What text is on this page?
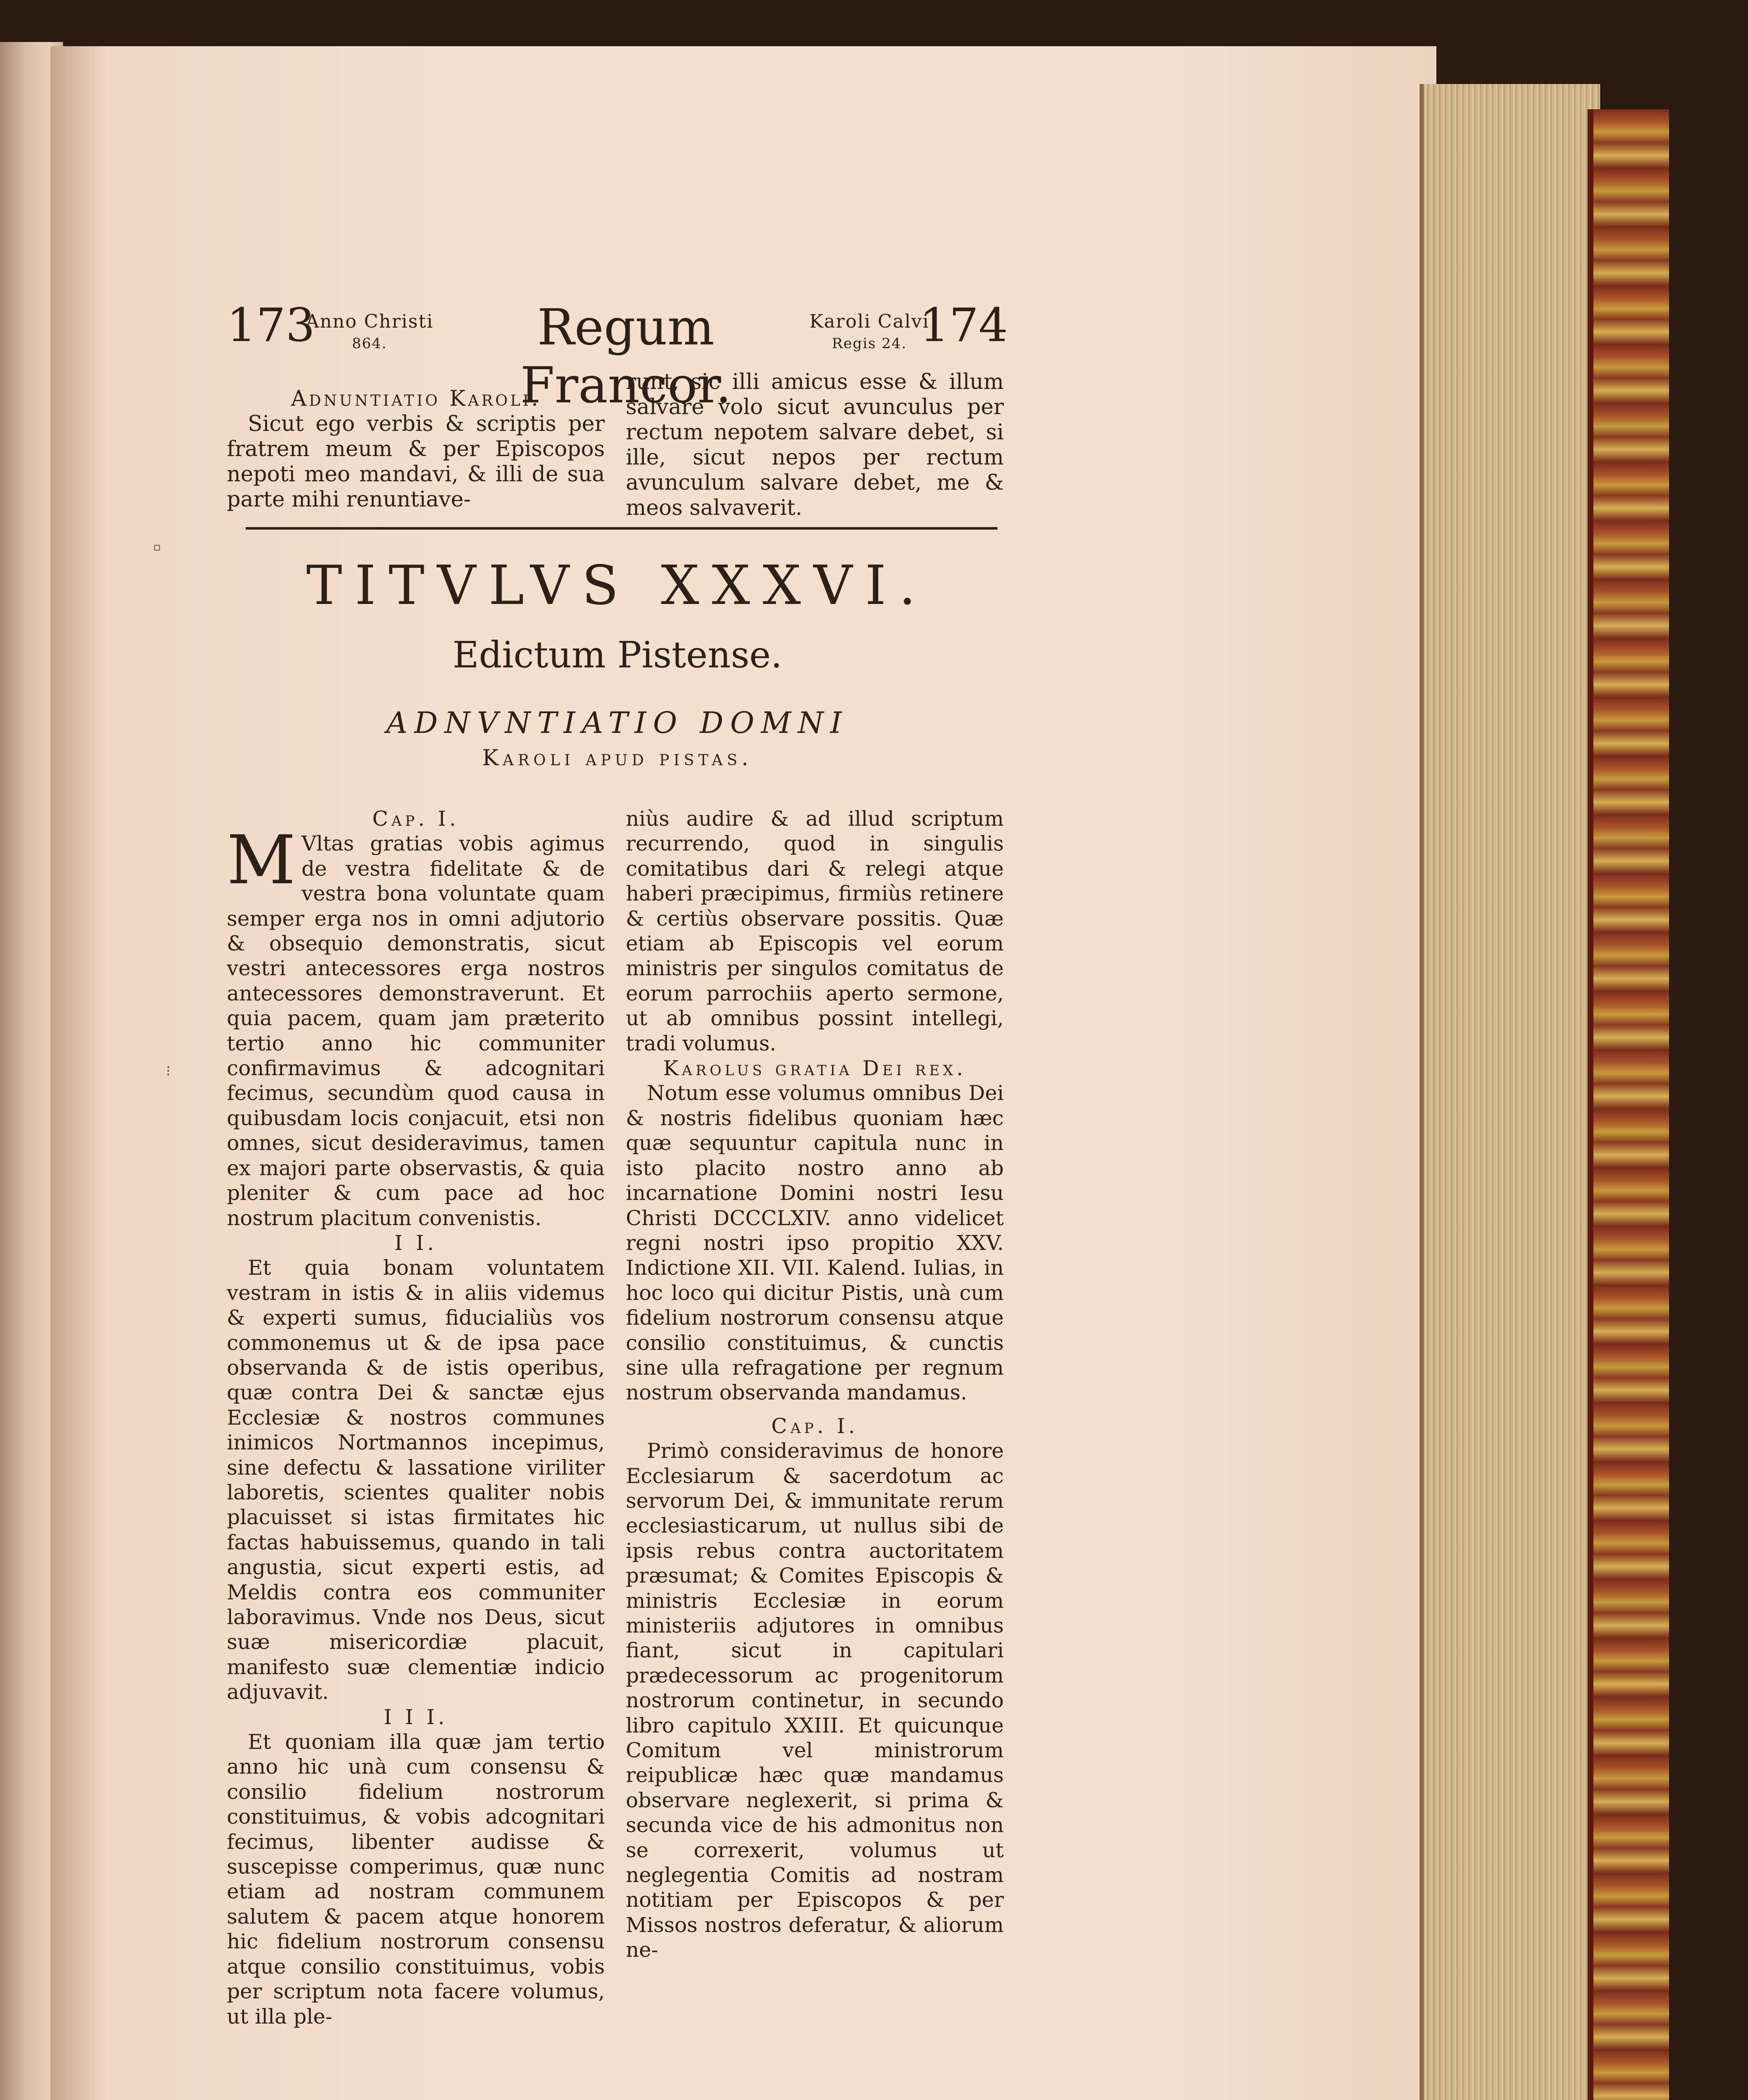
173
Anno Christi
864.	Regum Francor.
Karoli Calvi
Regis 24. 174

Adnuntiatio Karoli.

Sicut ego verbis & scriptis per fratrem meum & per Episcopos nepoti meo mandavi, & illi de sua parte mihi renuntiave-

runt, sic illi amicus esse & illum salvare volo sicut avunculus per rectum nepotem salvare debet, si ille, sicut nepos per rectum avunculum salvare debet, me & meos salvaverit.

TITVLVS XXXVI.
Edictum Pistense.
ADNVNTIATIO DOMNI
Karoli apud pistas.

Cap. I.

M Vltas gratias vobis agimus de vestra fidelitate & de vestra bona voluntate quam semper erga nos in omni adjutorio & obsequio demonstratis, sicut vestri antecessores erga nostros antecessores demonstraverunt. Et quia pacem, quam jam præterito tertio anno hic communiter confirmavimus & adcognitari fecimus, secundùm quod causa in quibusdam locis conjacuit, etsi non omnes, sicut desideravimus, tamen ex majori parte observastis, & quia pleniter & cum pace ad hoc nostrum placitum convenistis.

I I.

Et quia bonam voluntatem vestram in istis & in aliis videmus & experti sumus, fiducialiùs vos commonemus ut & de ipsa pace observanda & de istis operibus, quæ contra Dei & sanctæ ejus Ecclesiæ & nostros communes inimicos Nortmannos incepimus, sine defectu & lassatione viriliter laboretis, scientes qualiter nobis placuisset si istas firmitates hic factas habuissemus, quando in tali angustia, sicut experti estis, ad Meldis contra eos communiter laboravimus. Vnde nos Deus, sicut suæ misericordiæ placuit, manifesto suæ clementiæ indicio adjuvavit.

I I I.

Et quoniam illa quæ jam tertio anno hic unà cum consensu & consilio fidelium nostrorum constituimus, & vobis adcognitari fecimus, libenter audisse & suscepisse comperimus, quæ nunc etiam ad nostram communem salutem & pacem atque honorem hic fidelium nostrorum consensu atque consilio constituimus, vobis per scriptum nota facere volumus, ut illa ple-

niùs audire & ad illud scriptum recurrendo, quod in singulis comitatibus dari & relegi atque haberi præcipimus, firmiùs retinere & certiùs observare possitis. Quæ etiam ab Episcopis vel eorum ministris per singulos comitatus de eorum parrochiis aperto sermone, ut ab omnibus possint intellegi, tradi volumus.

Karolus gratia Dei rex.

Notum esse volumus omnibus Dei & nostris fidelibus quoniam hæc quæ sequuntur capitula nunc in isto placito nostro anno ab incarnatione Domini nostri Iesu Christi DCCCLXIV. anno videlicet regni nostri ipso propitio XXV. Indictione XII. VII. Kalend. Iulias, in hoc loco qui dicitur Pistis, unà cum fidelium nostrorum consensu atque consilio constituimus, & cunctis sine ulla refragatione per regnum nostrum observanda mandamus.

Cap. I.

Primò consideravimus de honore Ecclesiarum & sacerdotum ac servorum Dei, & immunitate rerum ecclesiasticarum, ut nullus sibi de ipsis rebus contra auctoritatem præsumat; & Comites Episcopis & ministris Ecclesiæ in eorum ministeriis adjutores in omnibus fiant, sicut in capitulari prædecessorum ac progenitorum nostrorum continetur, in secundo libro capitulo XXIII. Et quicunque Comitum vel ministrorum reipublicæ hæc quæ mandamus observare neglexerit, si prima & secunda vice de his admonitus non se correxerit, volumus ut neglegentia Comitis ad nostram notitiam per Episcopos & per Missos nostros deferatur, & aliorum ne-

⸋
⁝
